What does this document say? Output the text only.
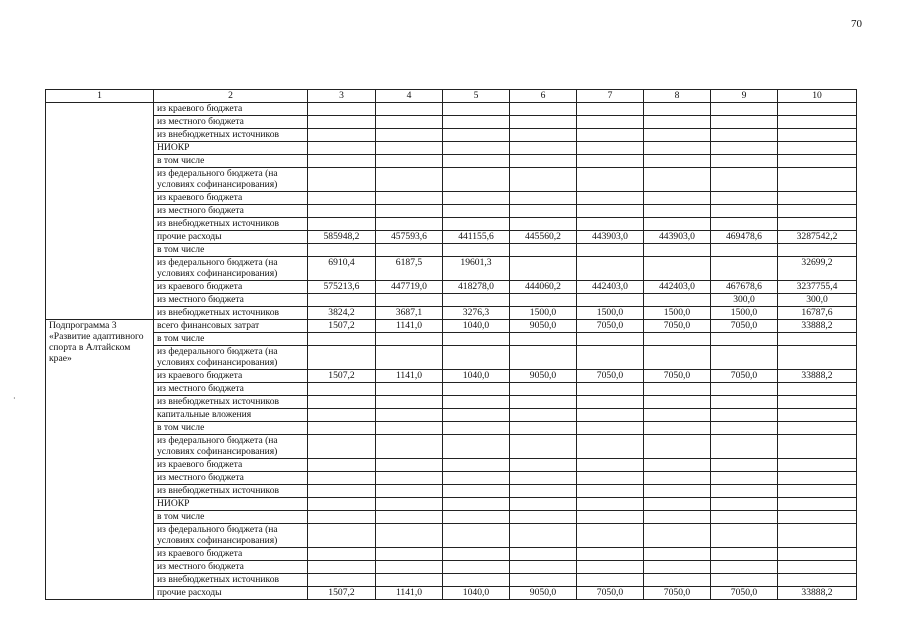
70
·
1	2	3	4	5	6	7	8	9	10
	из краевого бюджета								
	из местного бюджета								
	из внебюджетных источников								
	НИОКР								
	в том числе								
	из федерального бюджета (на условиях софинансирования)								
	из краевого бюджета								
	из местного бюджета								
	из внебюджетных источников								
	прочие расходы	585948,2	457593,6	441155,6	445560,2	443903,0	443903,0	469478,6	3287542,2
	в том числе								
	из федерального бюджета (на условиях софинансирования)	6910,4	6187,5	19601,3					32699,2
	из краевого бюджета	575213,6	447719,0	418278,0	444060,2	442403,0	442403,0	467678,6	3237755,4
	из местного бюджета							300,0	300,0
	из внебюджетных источников	3824,2	3687,1	3276,3	1500,0	1500,0	1500,0	1500,0	16787,6
Подпрограмма 3 «Развитие адаптивного спорта в Алтайском крае»	всего финансовых затрат	1507,2	1141,0	1040,0	9050,0	7050,0	7050,0	7050,0	33888,2
	в том числе								
	из федерального бюджета (на условиях софинансирования)								
	из краевого бюджета	1507,2	1141,0	1040,0	9050,0	7050,0	7050,0	7050,0	33888,2
	из местного бюджета								
	из внебюджетных источников								
	капитальные вложения								
	в том числе								
	из федерального бюджета (на условиях софинансирования)								
	из краевого бюджета								
	из местного бюджета								
	из внебюджетных источников								
	НИОКР								
	в том числе								
	из федерального бюджета (на условиях софинансирования)								
	из краевого бюджета								
	из местного бюджета								
	из внебюджетных источников								
	прочие расходы	1507,2	1141,0	1040,0	9050,0	7050,0	7050,0	7050,0	33888,2
